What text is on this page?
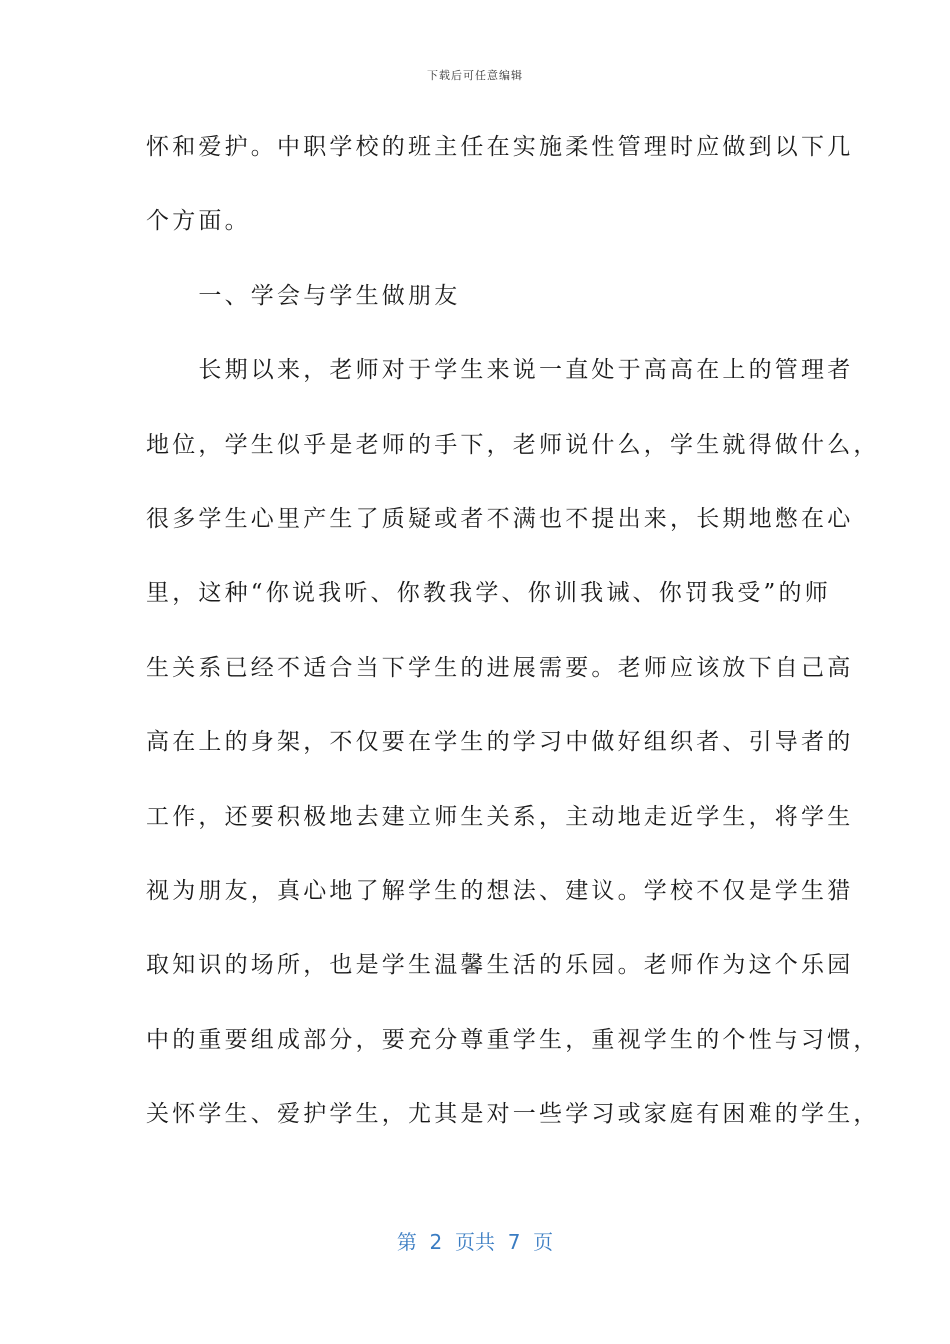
下载后可任意编辑
怀和爱护。中职学校的班主任在实施柔性管理时应做到以下几
个方面。
　　一、学会与学生做朋友
　　长期以来，老师对于学生来说一直处于高高在上的管理者
地位，学生似乎是老师的手下，老师说什么，学生就得做什么，
很多学生心里产生了质疑或者不满也不提出来，长期地憋在心
里，这种“你说我听、你教我学、你训我诫、你罚我受”的师
生关系已经不适合当下学生的进展需要。老师应该放下自己高
高在上的身架，不仅要在学生的学习中做好组织者、引导者的
工作，还要积极地去建立师生关系，主动地走近学生，将学生
视为朋友，真心地了解学生的想法、建议。学校不仅是学生猎
取知识的场所，也是学生温馨生活的乐园。老师作为这个乐园
中的重要组成部分，要充分尊重学生，重视学生的个性与习惯，
关怀学生、爱护学生，尤其是对一些学习或家庭有困难的学生，
第  2  页共  7  页
